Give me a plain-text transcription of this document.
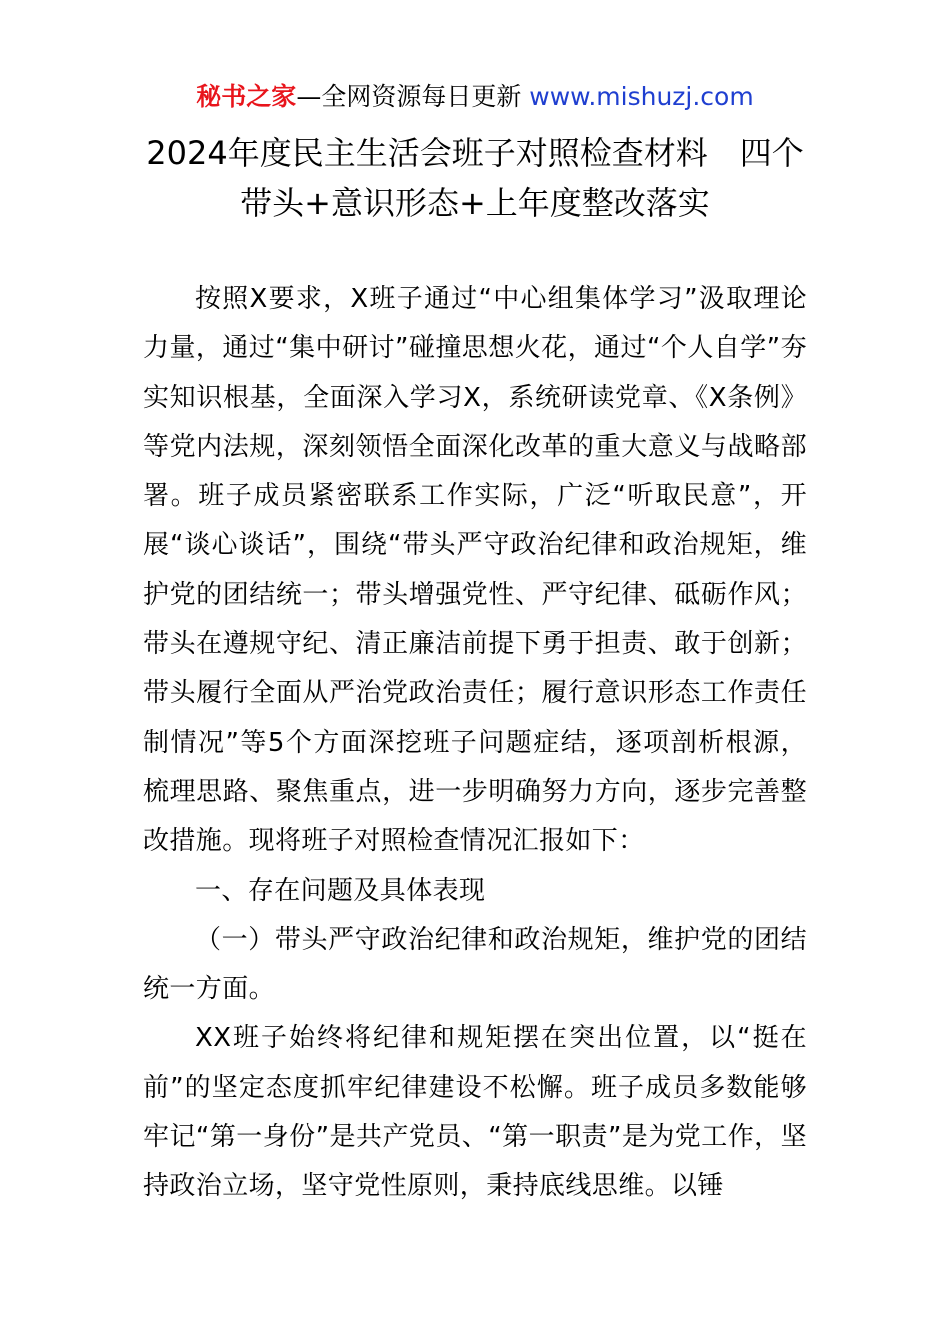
秘书之家—全网资源每日更新 www.mishuzj.com
2024年度民主生活会班子对照检查材料　四个
带头+意识形态+上年度整改落实

按照X要求，X班子通过“中心组集体学习”汲取理论力量，通过“集中研讨”碰撞思想火花，通过“个人自学”夯实知识根基，全面深入学习X，系统研读党章、《X条例》等党内法规，深刻领悟全面深化改革的重大意义与战略部署。班子成员紧密联系工作实际，广泛“听取民意”，开展“谈心谈话”，围绕“带头严守政治纪律和政治规矩，维护党的团结统一；带头增强党性、严守纪律、砥砺作风；带头在遵规守纪、清正廉洁前提下勇于担责、敢于创新；带头履行全面从严治党政治责任；履行意识形态工作责任制情况”等5个方面深挖班子问题症结，逐项剖析根源，梳理思路、聚焦重点，进一步明确努力方向，逐步完善整改措施。现将班子对照检查情况汇报如下：

一、存在问题及具体表现

（一）带头严守政治纪律和政治规矩，维护党的团结统一方面。

XX班子始终将纪律和规矩摆在突出位置，以“挺在前”的坚定态度抓牢纪律建设不松懈。班子成员多数能够牢记“第一身份”是共产党员、“第一职责”是为党工作，坚持政治立场，坚守党性原则，秉持底线思维。以锤
